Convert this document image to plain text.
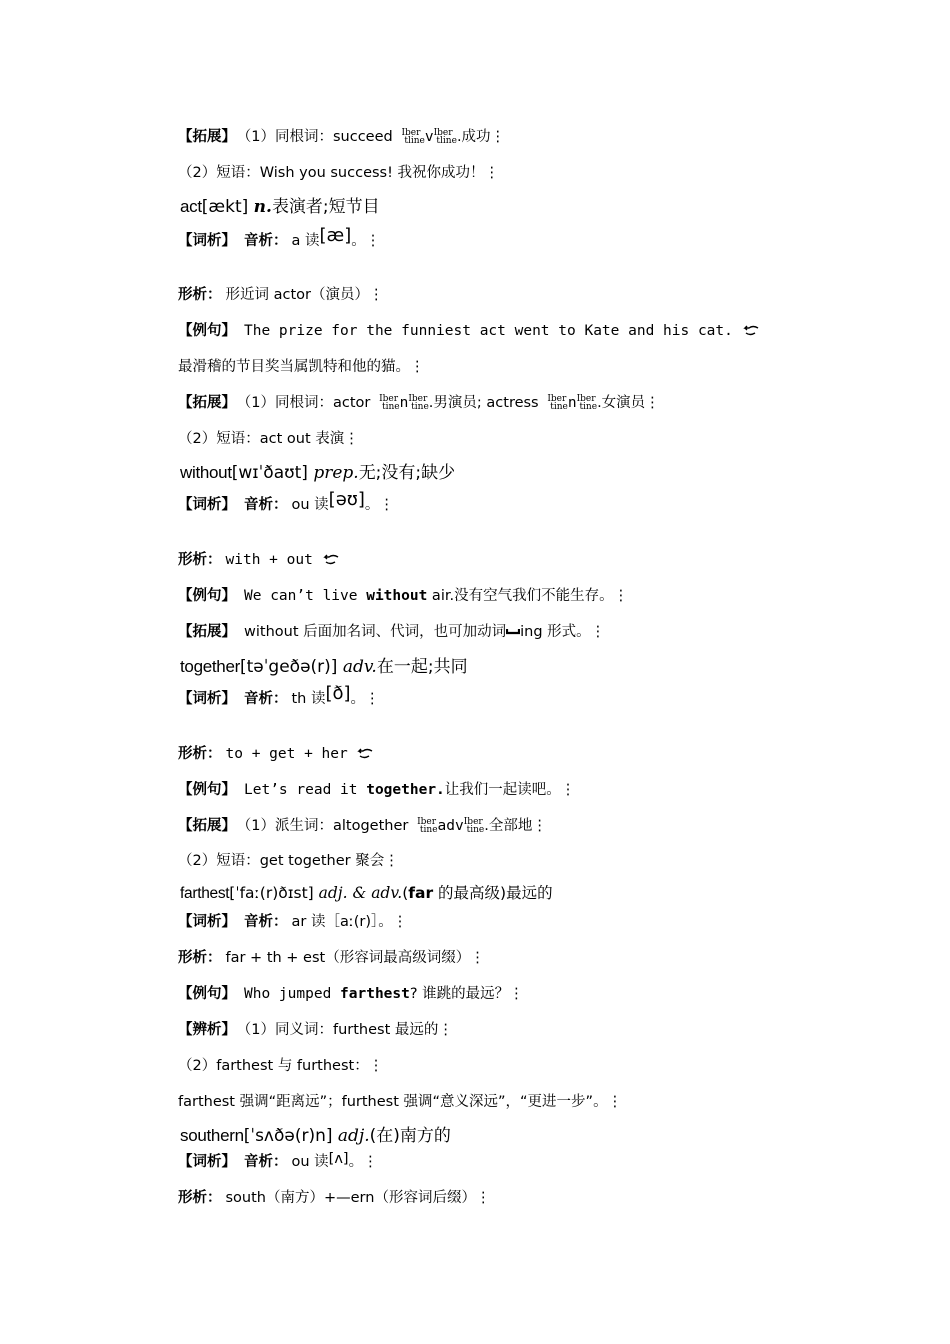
【拓展】 （1）同根词：succeed Iber
tlinevIber
tline.成功⋮
（2）短语：Wish you success! 我祝你成功！⋮
act[ækt] n.表演者;短节目
【词析】 音析： a 读[æ]。⋮
形析： 形近词 actor（演员）⋮
【例句】 The prize for the funniest act went to Kate and his cat.
最滑稽的节目奖当属凯特和他的猫。⋮
【拓展】 （1）同根词：actor Iber
tinenIber
tine.男演员; actress Iber
tinenIber
tine.女演员⋮
（2）短语：act out 表演⋮
without[wɪˈðaʊt] prep.无;没有;缺少
【词析】 音析： ou 读[əʊ]。⋮
形析： with + out
【例句】 We can’t live without air.没有空气我们不能生存。⋮
【拓展】 without 后面加名词、代词，也可加动词 ing 形式。⋮
together[təˈgeðə(r)] adv.在一起;共同
【词析】 音析： th 读[ð]。⋮
形析： to + get + her
【例句】 Let’s read it together.让我们一起读吧。⋮
【拓展】 （1）派生词：altogether Iber
tineadvIber
tine.全部地⋮
（2）短语：get together 聚会⋮
farthest[ˈfaː(r)ðɪst] adj. & adv.(far 的最高级)最远的
【词析】 音析： ar 读［aː(r)］。⋮
形析： far + th + est（形容词最高级词缀）⋮
【例句】 Who jumped farthest? 谁跳的最远？⋮
【辨析】 （1）同义词：furthest 最远的⋮
（2）farthest 与 furthest：⋮
farthest 强调“距离远”；furthest 强调“意义深远”，“更进一步”。⋮
southern[ˈsʌðə(r)n] adj.(在)南方的
【词析】 音析： ou 读[ʌ]。⋮
形析： south（南方）+—ern（形容词后缀）⋮
